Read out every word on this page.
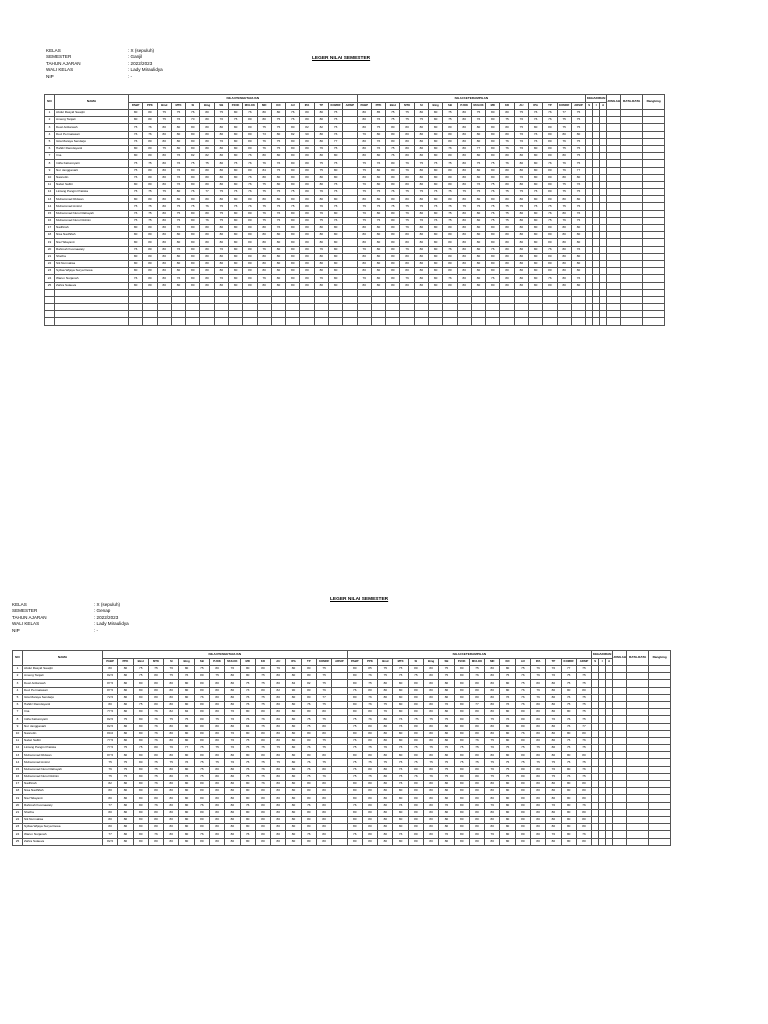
KELAS	: X (sepuluh)
SEMESTER	: Ganjil
TAHUN AJARAN	: 2022/2023
WALI KELAS	: Lady Miraulidya
NIP	: -
LEGER NILAI SEMESTER
NO	NAMA	NILAI PENGETAHUAN																NILAI KETERAMPILAN																KEHADIRAN			JUMLAH	RATA-RATA	Rangking
		PABP	PPK	Bind	MTK	SI	Bing	SB	PJOK	MULOK	MD	KD	AU	IPA	TP	KOMDF	ARSIP	PABP	PPK	Bind	MTK	SI	Bing	SB	PJOK	MULOK	MD	KD	AU	IPA	TP	KOMDF	ARSIP	S	I	A			
1	Abdul Rasyid Sauqbi	80	80	75	75	76	80	75	80	76	80	80	76	80	80	75		80	85	75	75	80	80	75	80	75	80	80	75	76	76	77	75						
2	Ameng Tanjali	80	80	75	76	70	80	70	75	80	80	75	76	80	80	75		80	76	75	75	75	80	75	80	76	80	75	76	76	76	75	75						
3	Dewi Ardiansah	75	76	80	80	80	80	80	80	80	75	75	80	82	82	75		80	75	80	80	80	80	80	80	80	80	80	75	80	80	75	75						
4	Devi Permatasari	76	76	80	80	80	80	80	80	80	73	80	82	90	80	76		76	80	80	80	80	80	80	80	80	80	80	76	76	80	80	80						
5	Gita Maraya Sendarjo	76	80	80	80	80	80	76	80	80	76	75	80	80	80	77		80	76	80	80	80	80	80	80	80	80	76	76	76	80	76	75						
6	Hafidz Ramdayanti	80	80	75	80	80	80	80	80	80	76	75	80	80	76	75		80	76	75	80	80	80	76	80	77	80	76	76	80	80	75	75						
7	Irna	80	80	80	76	82	82	80	80	76	80	80	80	80	80	80		80	80	76	80	80	80	80	80	80	80	80	80	80	80	80	75						
8	Intifa Kaltumiyatri	75	75	80	76	75	75	80	75	76	76	76	80	80	75	75		75	76	80	76	75	75	75	80	75	75	76	80	80	76	76	75						
9	Nur Jangganarti	75	80	80	76	80	80	80	80	80	84	75	80	80	75	80		75	80	80	76	80	80	80	80	80	80	80	80	80	80	76	77						
10	Nasrudin	76	80	80	76	80	80	80	80	76	80	80	80	80	80	80		80	80	80	80	80	80	80	80	80	80	80	76	80	80	80	80						
11	Nabel Safitri	80	80	80	76	80	80	80	80	76	75	80	80	80	80	75		76	80	80	80	80	80	80	80	76	75	80	80	80	80	75	76						
12	Lintang Pangin Pratista	75	75	75	80	76	77	75	75	76	75	75	75	80	76	75		75	75	76	75	75	75	75	75	75	76	75	75	75	80	75	75						
13	Muhammad Ridwan	80	80	80	80	80	80	80	80	80	80	80	80	80	80	80		80	80	80	80	80	80	80	80	80	80	80	80	80	80	80	80						
14	Muhammad Amirul	75	75	80	75	75	76	75	75	76	75	75	75	80	76	75		75	75	75	75	75	75	75	75	75	75	75	75	75	75	75	75						
15	Muhammad Nurul Rahayah	76	75	80	75	80	80	75	80	80	76	76	80	80	76	80		76	80	80	76	80	80	75	80	80	76	75	80	80	76	80	76						
16	Muhammad Nurul Rohiim	75	75	80	75	80	76	75	80	80	75	75	80	80	75	76		75	75	80	75	76	76	75	80	80	75	75	80	80	75	76	75						
17	Nadhirah	80	80	80	76	80	80	80	80	80	80	76	80	80	80	80		80	80	80	76	80	80	80	80	80	80	80	80	80	80	80	80						
18	Nisa Nadhifah	80	80	80	80	80	80	80	80	80	80	80	80	80	80	80		80	80	80	80	80	80	80	80	80	80	80	80	80	80	80	80						
19	Nia Hidayanti	80	80	80	80	80	80	80	80	80	80	80	80	80	80	80		80	80	80	80	80	80	80	80	80	80	80	80	80	80	80	80						
20	Rahmah Kusmawaty	76	80	80	76	80	80	76	80	80	76	80	80	80	76	80		76	80	80	76	80	80	76	80	80	76	80	80	80	76	80	76						
21	Shefira	80	80	80	80	80	80	80	80	80	80	80	80	80	80	80		80	80	80	80	80	80	80	80	80	80	80	80	80	80	80	80						
22	Siti Nurmalisa	80	80	80	80	80	80	80	80	80	80	80	80	80	80	80		80	80	80	80	80	80	80	80	80	80	80	80	80	80	80	80						
23	Syifaa Wijaya Surya Dewa	80	80	80	80	80	80	80	80	80	80	80	80	80	80	80		80	80	80	80	80	80	80	80	80	80	80	80	80	80	80	80						
24	Warun Nurjanah	76	80	80	76	80	80	76	80	80	76	80	80	80	76	80		76	80	80	76	80	80	76	80	80	76	80	80	80	76	80	76						
25	Zahra Sulaeva	80	80	80	80	80	80	80	80	80	80	80	80	80	80	80		80	80	80	80	80	80	80	80	80	80	80	80	80	80	80	80						

KELAS	: X (sepuluh)
SEMESTER	: Genap
TAHUN AJARAN	: 2022/2023
WALI KELAS	: Lady Miraulidya
NIP	: -
LEGER NILAI SEMESTER
NO	NAMA	NILAI PENGETAHUAN																NILAI KETERAMPILAN																KEHADIRAN			JUMLAH	RATA-RATA	Rangking
		PABP	PPK	Bind	MTK	SI	Bing	SB	PJOK	MULOK	MD	KD	AU	IPA	TP	KOMDF	ARSIP	PABP	PPK	Bind	MTK	SI	Bing	SB	PJOK	MULOK	MD	KD	AU	IPA	TP	KOMDF	ARSIP	S	I	A			
1	Abdul Rasyid Sauqbi	80	80	75	75	76	80	75	80	76	80	80	76	80	80	75		80	85	75	75	80	80	75	80	75	80	80	75	76	76	77	75						
2	Ameng Tanjali	82.5	80	75	80	75	76	80	75	80	80	75	80	80	80	75		80	76	75	75	75	80	75	80	76	80	75	76	76	76	75	75						
3	Dewi Ardiansah	87.5	80	80	80	80	80	80	80	80	75	75	80	82	82	75		80	75	80	80	80	80	80	80	80	80	80	75	80	80	75	75						
4	Devi Permatasari	87.5	80	80	80	80	80	80	80	80	73	80	82	90	80	76		76	80	80	80	80	80	80	80	80	80	80	76	76	80	80	80						
5	Gita Maraya Sendarjo	72.5	80	80	80	80	80	76	80	80	76	75	80	80	80	77		80	76	80	80	80	80	80	80	80	80	76	76	76	80	76	75						
6	Hafidz Ramdayanti	80	80	75	80	80	80	80	80	80	76	75	80	80	76	75		80	76	75	80	80	80	76	80	77	80	76	76	80	80	75	75						
7	Irna	77.5	80	80	76	82	82	80	80	76	80	80	80	80	80	80		80	80	76	80	80	80	80	80	80	80	80	80	80	80	80	75						
8	Intifa Kaltumiyatri	82.5	75	80	76	75	75	80	75	76	76	76	80	80	75	75		75	76	80	76	75	75	75	80	75	75	76	80	80	76	76	75						
9	Nur Jangganarti	82.5	80	80	76	80	80	80	80	80	84	75	80	80	75	80		75	80	80	76	80	80	80	80	80	80	80	80	80	80	76	77						
10	Nasrudin	80.0	80	80	76	80	80	80	80	76	80	80	80	80	80	80		80	80	80	80	80	80	80	80	80	80	80	76	80	80	80	80						
11	Nabel Safitri	77.5	80	80	76	80	80	80	80	76	75	80	80	80	80	75		76	80	80	80	80	80	80	80	76	75	80	80	80	80	75	76						
12	Lintang Pangin Pratista	77.5	75	75	80	76	77	75	75	76	75	75	75	80	76	75		75	75	76	75	75	75	75	75	75	76	75	75	75	80	75	75						
13	Muhammad Ridwan	87.5	80	80	80	80	80	80	80	80	80	80	80	80	80	80		80	80	80	80	80	80	80	80	80	80	80	80	80	80	80	80						
14	Muhammad Amirul	75	75	80	75	75	76	75	75	76	75	75	75	80	76	75		75	75	75	75	75	75	75	75	75	75	75	75	75	75	75	75						
15	Muhammad Nurul Rahayah	76	75	80	75	80	80	75	80	80	76	76	80	80	76	80		76	80	80	76	80	80	75	80	80	76	75	80	80	76	80	76						
16	Muhammad Nurul Rohiim	75	75	80	75	80	76	75	80	80	75	75	80	80	75	76		75	75	80	75	76	76	75	80	80	75	75	80	80	75	76	75						
17	Nadhirah	82	80	80	76	80	80	80	80	80	80	76	80	80	80	80		80	80	80	76	80	80	80	80	80	80	80	80	80	80	80	80						
18	Nisa Nadhifah	80	80	80	80	80	80	80	80	80	80	80	80	80	80	80		80	80	80	80	80	80	80	80	80	80	80	80	80	80	80	80						
19	Nia Hidayanti	80	80	80	80	80	80	80	80	80	80	80	80	80	80	80		80	80	80	80	80	80	80	80	80	80	80	80	80	80	80	80						
20	Rahmah Kusmawaty	77	80	80	76	80	80	76	80	80	76	80	80	80	76	80		76	80	80	76	80	80	76	80	80	76	80	80	80	76	80	76						
21	Shefira	80	80	80	80	80	80	80	80	80	80	80	80	80	80	80		80	80	80	80	80	80	80	80	80	80	80	80	80	80	80	80						
22	Siti Nurmalisa	80	80	80	80	80	80	80	80	80	80	80	80	80	80	80		80	80	80	80	80	80	80	80	80	80	80	80	80	80	80	80						
23	Syifaa Wijaya Surya Dewa	80	80	80	80	80	80	80	80	80	80	80	80	80	80	80		80	80	80	80	80	80	80	80	80	80	80	80	80	80	80	80						
24	Warun Nurjanah	77	80	80	76	80	80	76	80	80	76	80	80	80	76	80		76	80	80	76	80	80	76	80	80	76	80	80	80	76	80	76						
25	Zahra Sulaeva	82.5	80	80	80	80	80	80	80	80	80	80	80	80	80	80		80	80	80	80	80	80	80	80	80	80	80	80	80	80	80	80						
